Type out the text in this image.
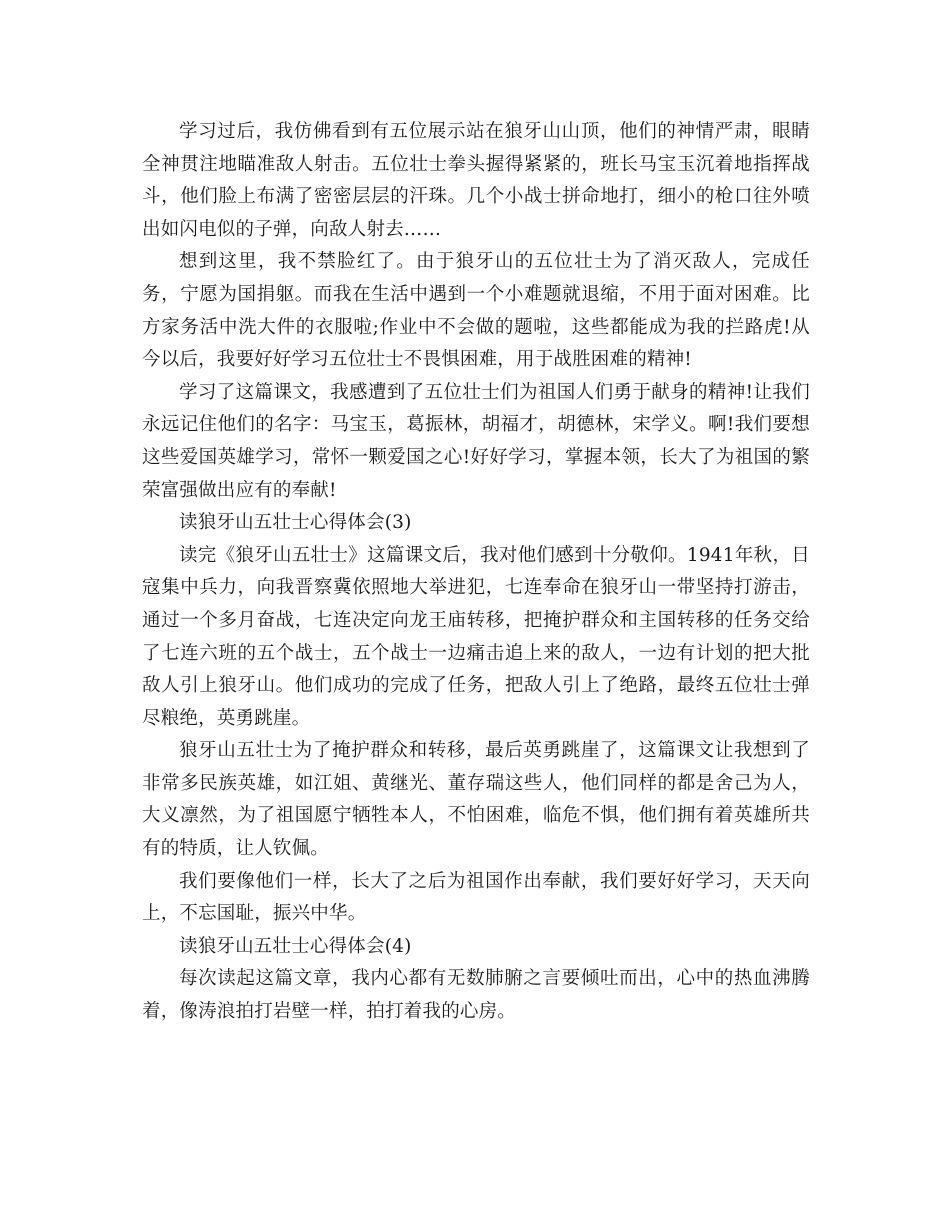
学习过后，我仿佛看到有五位展示站在狼牙山山顶，他们的神情严肃，眼睛全神贯注地瞄准敌人射击。五位壮士拳头握得紧紧的，班长马宝玉沉着地指挥战斗，他们脸上布满了密密层层的汗珠。几个小战士拼命地打，细小的枪口往外喷出如闪电似的子弹，向敌人射去……

想到这里，我不禁脸红了。由于狼牙山的五位壮士为了消灭敌人，完成任务，宁愿为国捐躯。而我在生活中遇到一个小难题就退缩，不用于面对困难。比方家务活中洗大件的衣服啦;作业中不会做的题啦，这些都能成为我的拦路虎!从今以后，我要好好学习五位壮士不畏惧困难，用于战胜困难的精神!

学习了这篇课文，我感遭到了五位壮士们为祖国人们勇于献身的精神!让我们永远记住他们的名字：马宝玉，葛振林，胡福才，胡德林，宋学义。啊!我们要想这些爱国英雄学习，常怀一颗爱国之心!好好学习，掌握本领，长大了为祖国的繁荣富强做出应有的奉献!

读狼牙山五壮士心得体会(3)

读完《狼牙山五壮士》这篇课文后，我对他们感到十分敬仰。1941年秋，日寇集中兵力，向我晋察冀依照地大举进犯，七连奉命在狼牙山一带坚持打游击，通过一个多月奋战，七连决定向龙王庙转移，把掩护群众和主国转移的任务交给了七连六班的五个战士，五个战士一边痛击追上来的敌人，一边有计划的把大批敌人引上狼牙山。他们成功的完成了任务，把敌人引上了绝路，最终五位壮士弹尽粮绝，英勇跳崖。

狼牙山五壮士为了掩护群众和转移，最后英勇跳崖了，这篇课文让我想到了非常多民族英雄，如江姐、黄继光、董存瑞这些人，他们同样的都是舍己为人，大义凛然，为了祖国愿宁牺牲本人，不怕困难，临危不惧，他们拥有着英雄所共有的特质，让人钦佩。

我们要像他们一样，长大了之后为祖国作出奉献，我们要好好学习，天天向上，不忘国耻，振兴中华。

读狼牙山五壮士心得体会(4)

每次读起这篇文章，我内心都有无数肺腑之言要倾吐而出，心中的热血沸腾着，像涛浪拍打岩壁一样，拍打着我的心房。
